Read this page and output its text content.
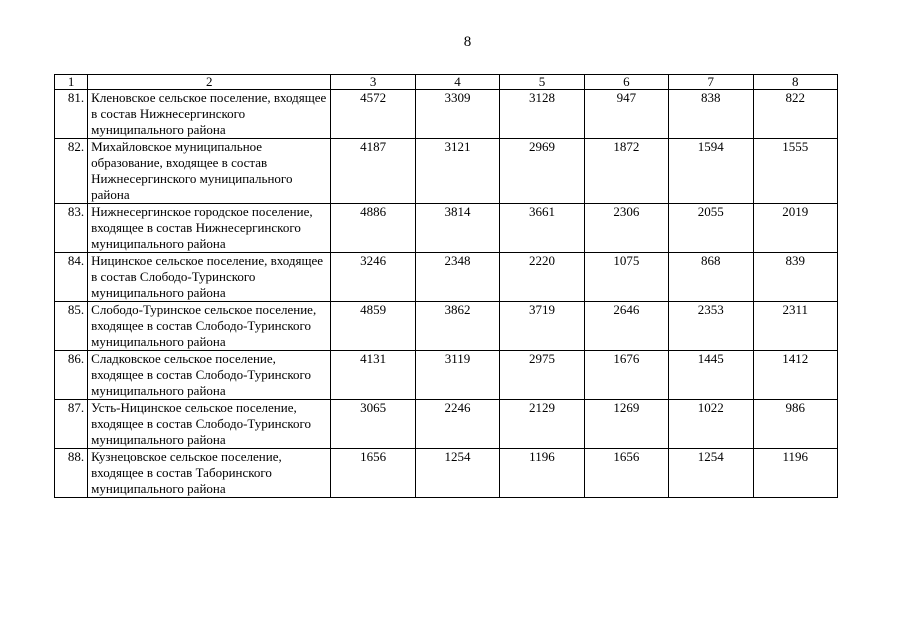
8
1	2	3	4	5	6	7	8
81.	Кленовское сельское поселение, входящее в состав Нижнесергинского муниципального района	4572	3309	3128	947	838	822
82.	Михайловское муниципальное образование, входящее в состав Нижнесергинского муниципального района	4187	3121	2969	1872	1594	1555
83.	Нижнесергинское городское поселение, входящее в состав Нижнесергинского муниципального района	4886	3814	3661	2306	2055	2019
84.	Ницинское сельское поселение, входящее в состав Слободо-Туринского муниципального района	3246	2348	2220	1075	868	839
85.	Слободо-Туринское сельское поселение, входящее в состав Слободо-Туринского муниципального района	4859	3862	3719	2646	2353	2311
86.	Сладковское сельское поселение, входящее в состав Слободо-Туринского муниципального района	4131	3119	2975	1676	1445	1412
87.	Усть-Ницинское сельское поселение, входящее в состав Слободо-Туринского муниципального района	3065	2246	2129	1269	1022	986
88.	Кузнецовское сельское поселение, входящее в состав Таборинского муниципального района	1656	1254	1196	1656	1254	1196
